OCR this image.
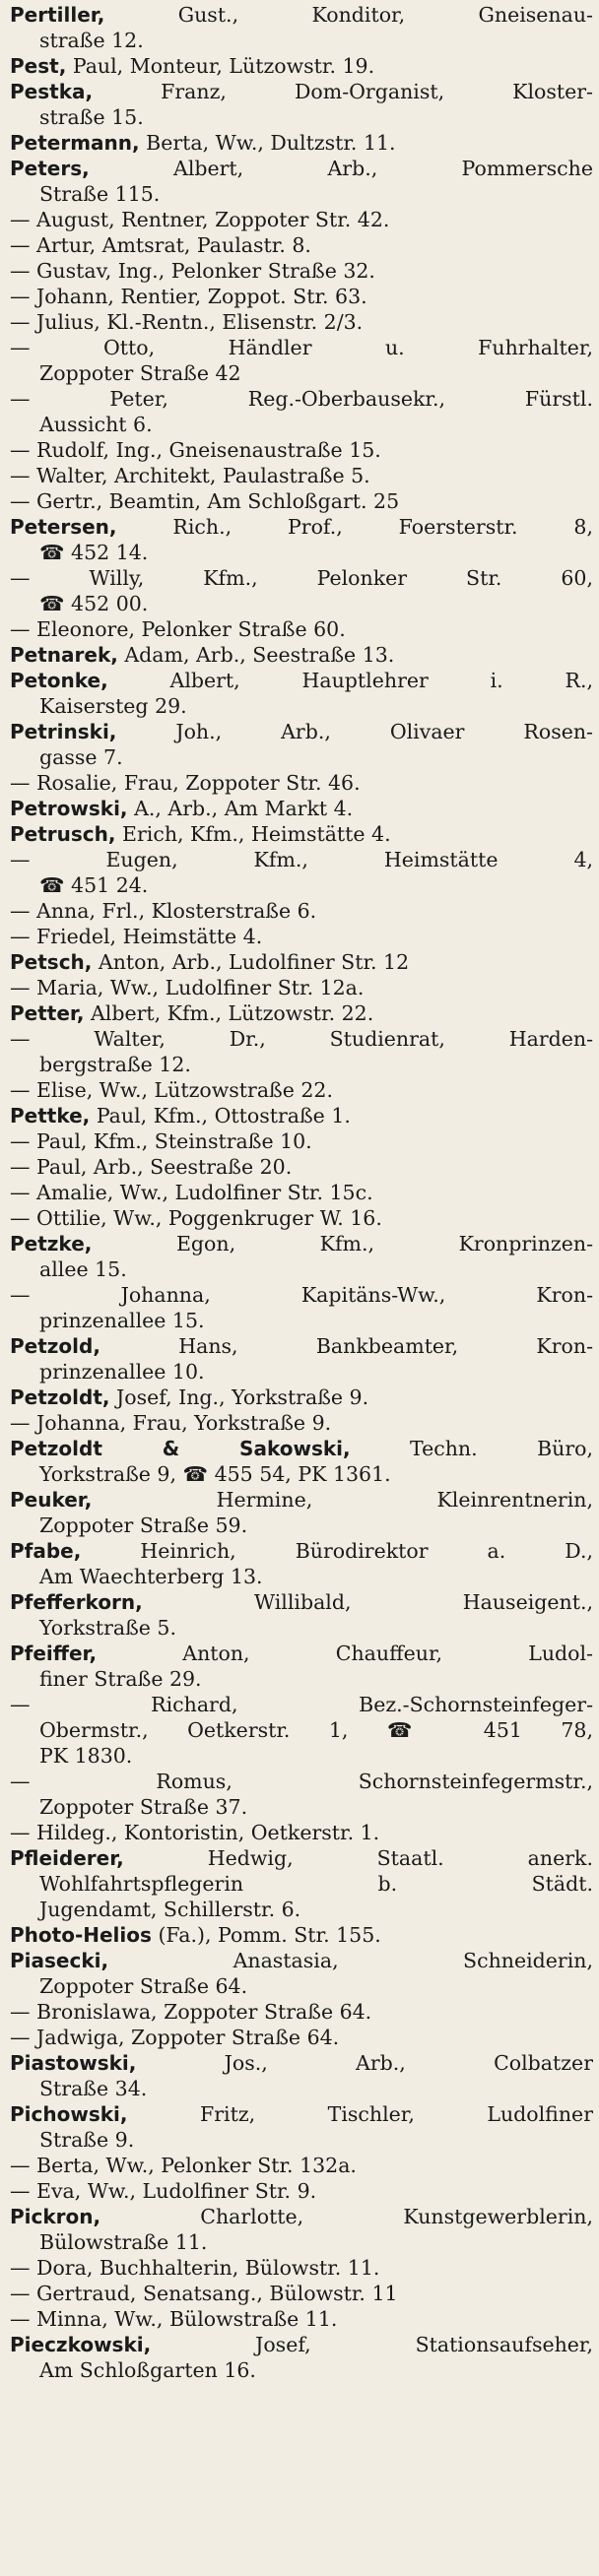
Pertiller,	Gust., Konditor, Gneisenau-
straße 12.
Pest, Paul, Monteur, Lützowstr. 19.
Pestka,	Franz, Dom-Organist, Kloster-
straße 15.
Petermann, Berta, Ww., Dultzstr. 11.
Peters,	Albert, Arb., Pommersche
Straße 115.
— August, Rentner, Zoppoter Str. 42.
— Artur, Amtsrat, Paulastr. 8.
— Gustav, Ing., Pelonker Straße 32.
— Johann, Rentier, Zoppot. Str. 63.
— Julius, Kl.-Rentn., Elisenstr. 2/3.
— Otto, Händler u. Fuhrhalter,
Zoppoter Straße 42
— Peter, Reg.-Oberbausekr., Fürstl.
Aussicht 6.
— Rudolf, Ing., Gneisenaustraße 15.
— Walter, Architekt, Paulastraße 5.
— Gertr., Beamtin, Am Schloßgart. 25
Petersen,	Rich., Prof., Foersterstr. 8,
☎ 452 14.
— Willy, Kfm., Pelonker Str. 60,
☎ 452 00.
— Eleonore, Pelonker Straße 60.
Petnarek, Adam, Arb., Seestraße 13.
Petonke,	Albert, Hauptlehrer i. R.,
Kaisersteg 29.
Petrinski,	Joh., Arb., Olivaer Rosen-
gasse 7.
— Rosalie, Frau, Zoppoter Str. 46.
Petrowski, A., Arb., Am Markt 4.
Petrusch, Erich, Kfm., Heimstätte 4.
— Eugen, Kfm., Heimstätte 4,
☎ 451 24.
— Anna, Frl., Klosterstraße 6.
— Friedel, Heimstätte 4.
Petsch, Anton, Arb., Ludolfiner Str. 12
— Maria, Ww., Ludolfiner Str. 12a.
Petter, Albert, Kfm., Lützowstr. 22.
— Walter, Dr., Studienrat, Harden-
bergstraße 12.
— Elise, Ww., Lützowstraße 22.
Pettke, Paul, Kfm., Ottostraße 1.
— Paul, Kfm., Steinstraße 10.
— Paul, Arb., Seestraße 20.
— Amalie, Ww., Ludolfiner Str. 15c.
— Ottilie, Ww., Poggenkruger W. 16.
Petzke,	Egon, Kfm., Kronprinzen-
allee 15.
— Johanna, Kapitäns-Ww., Kron-
prinzenallee 15.
Petzold,	Hans, Bankbeamter, Kron-
prinzenallee 10.
Petzoldt, Josef, Ing., Yorkstraße 9.
— Johanna, Frau, Yorkstraße 9.
Petzoldt & Sakowski,	Techn. Büro,
Yorkstraße 9, ☎ 455 54, PK 1361.
Peuker,	Hermine, Kleinrentnerin,
Zoppoter Straße 59.
Pfabe,	Heinrich, Bürodirektor a. D.,
Am Waechterberg 13.
Pfefferkorn,	Willibald, Hauseigent.,
Yorkstraße 5.
Pfeiffer,	Anton, Chauffeur, Ludol-
finer Straße 29.
— Richard, Bez.-Schornsteinfeger-
Obermstr., Oetkerstr. 1, ☎ 451 78,
PK 1830.
— Romus, Schornsteinfegermstr.,
Zoppoter Straße 37.
— Hildeg., Kontoristin, Oetkerstr. 1.
Pfleiderer,	Hedwig, Staatl. anerk.
Wohlfahrtspflegerin b. Städt.
Jugendamt, Schillerstr. 6.
Photo-Helios (Fa.), Pomm. Str. 155.
Piasecki,	Anastasia, Schneiderin,
Zoppoter Straße 64.
— Bronislawa, Zoppoter Straße 64.
— Jadwiga, Zoppoter Straße 64.
Piastowski,	Jos., Arb., Colbatzer
Straße 34.
Pichowski,	Fritz, Tischler, Ludolfiner
Straße 9.
— Berta, Ww., Pelonker Str. 132a.
— Eva, Ww., Ludolfiner Str. 9.
Pickron,	Charlotte, Kunstgewerblerin,
Bülowstraße 11.
— Dora, Buchhalterin, Bülowstr. 11.
— Gertraud, Senatsang., Bülowstr. 11
— Minna, Ww., Bülowstraße 11.
Pieczkowski,	Josef, Stationsaufseher,
Am Schloßgarten 16.
